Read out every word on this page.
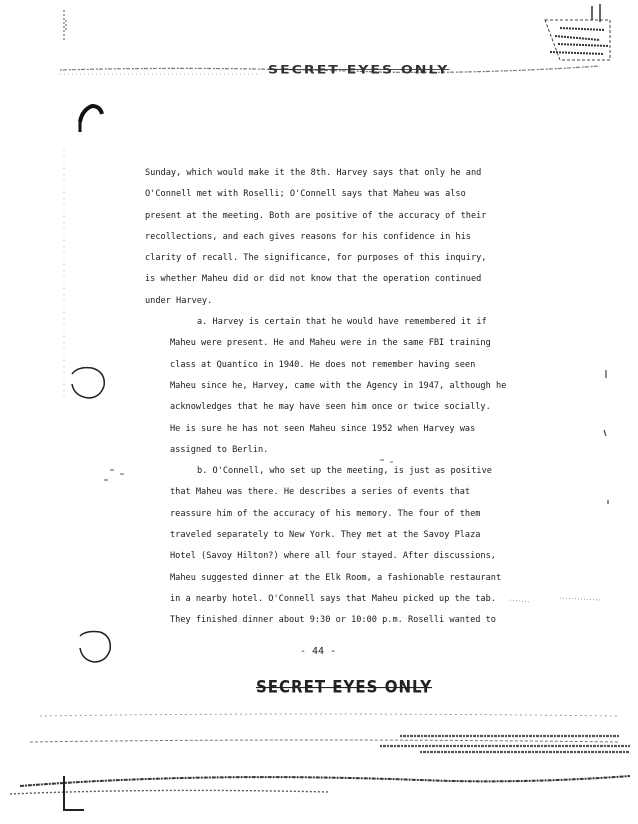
SECRET EYES ONLY
Sunday, which would make it the 8th. Harvey says that only he and
O'Connell met with Roselli; O'Connell says that Maheu was also
present at the meeting. Both are positive of the accuracy of their
recollections, and each gives reasons for his confidence in his
clarity of recall. The significance, for purposes of this inquiry,
is whether Maheu did or did not know that the operation continued
under Harvey.
a. Harvey is certain that he would have remembered it if
Maheu were present. He and Maheu were in the same FBI training
class at Quantico in 1940. He does not remember having seen
Maheu since he, Harvey, came with the Agency in 1947, although he
acknowledges that he may have seen him once or twice socially.
He is sure he has not seen Maheu since 1952 when Harvey was
assigned to Berlin.
b. O'Connell, who set up the meeting, is just as positive
that Maheu was there. He describes a series of events that
reassure him of the accuracy of his memory. The four of them
traveled separately to New York. They met at the Savoy Plaza
Hotel (Savoy Hilton?) where all four stayed. After discussions,
Maheu suggested dinner at the Elk Room, a fashionable restaurant
in a nearby hotel. O'Connell says that Maheu picked up the tab.
They finished dinner about 9:30 or 10:00 p.m. Roselli wanted to
- 44 -
SECRET EYES ONLY
